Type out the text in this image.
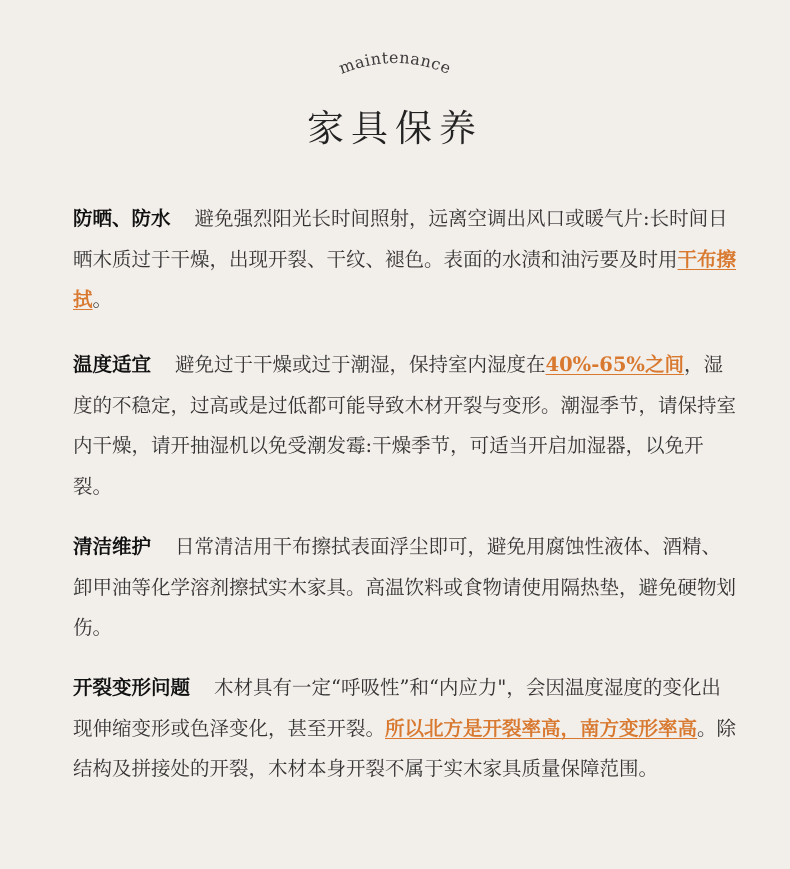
maintenance
家具保养
防晒、防水 避免强烈阳光长时间照射，远离空调出风口或暖气片:长时间日晒木质过于干燥，出现开裂、干纹、褪色。表面的水渍和油污要及时用干布擦拭。
温度适宜 避免过于干燥或过于潮湿，保持室内湿度在40%-65%之间，湿度的不稳定，过高或是过低都可能导致木材开裂与变形。潮湿季节，请保持室内干燥，请开抽湿机以免受潮发霉:干燥季节，可适当开启加湿器，以免开裂。
清洁维护 日常清洁用干布擦拭表面浮尘即可，避免用腐蚀性液体、酒精、卸甲油等化学溶剂擦拭实木家具。高温饮料或食物请使用隔热垫，避免硬物划伤。
开裂变形问题 木材具有一定“呼吸性”和“内应力"，会因温度湿度的变化出现伸缩变形或色泽变化，甚至开裂。所以北方是开裂率高，南方变形率高。除结构及拼接处的开裂，木材本身开裂不属于实木家具质量保障范围。
